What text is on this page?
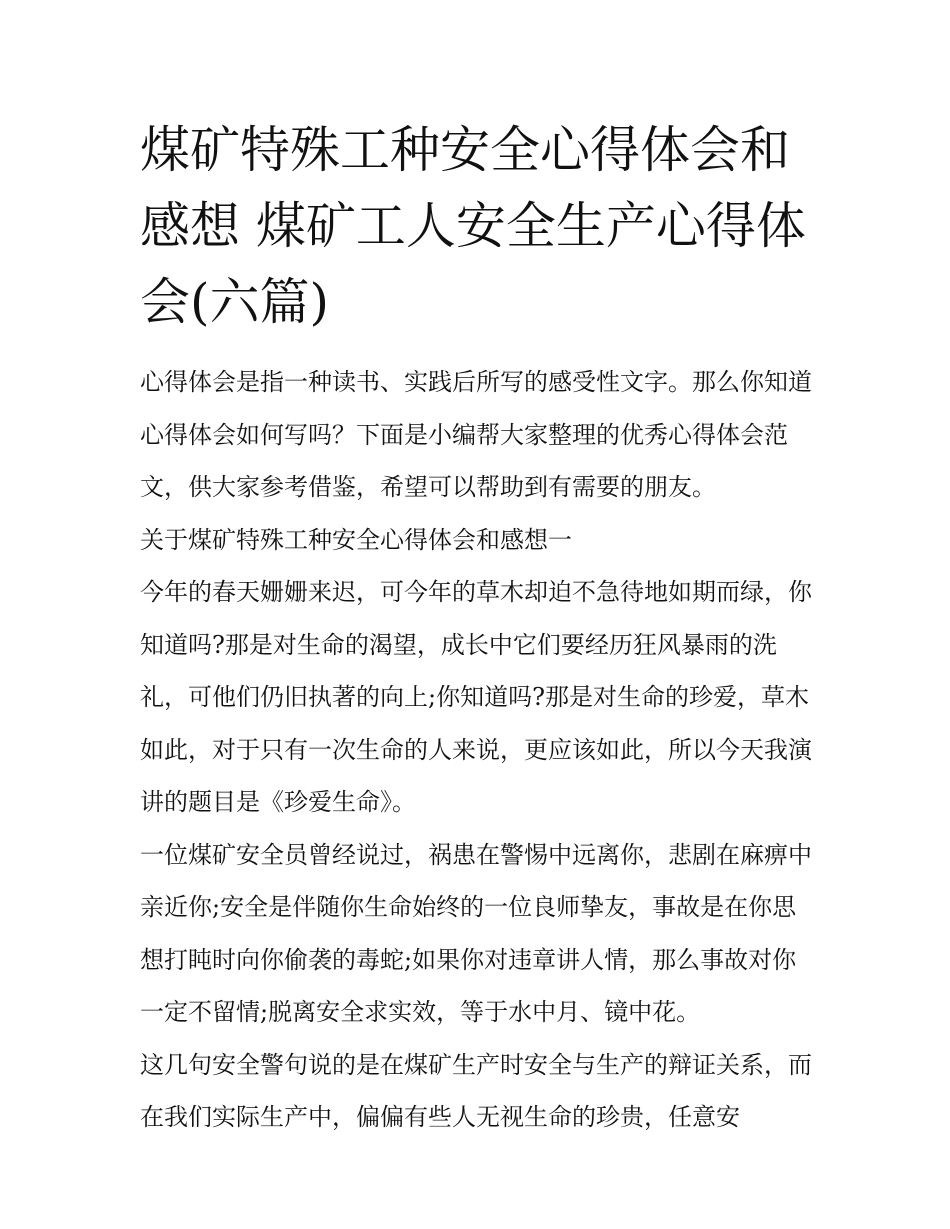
煤矿特殊工种安全心得体会和感想 煤矿工人安全生产心得体会(六篇)

心得体会是指一种读书、实践后所写的感受性文字。那么你知道心得体会如何写吗？下面是小编帮大家整理的优秀心得体会范文，供大家参考借鉴，希望可以帮助到有需要的朋友。

关于煤矿特殊工种安全心得体会和感想一

今年的春天姗姗来迟，可今年的草木却迫不急待地如期而绿，你知道吗?那是对生命的渴望，成长中它们要经历狂风暴雨的洗礼，可他们仍旧执著的向上;你知道吗?那是对生命的珍爱，草木如此，对于只有一次生命的人来说，更应该如此，所以今天我演讲的题目是《珍爱生命》。

一位煤矿安全员曾经说过，祸患在警惕中远离你，悲剧在麻痹中亲近你;安全是伴随你生命始终的一位良师挚友，事故是在你思想打盹时向你偷袭的毒蛇;如果你对违章讲人情，那么事故对你一定不留情;脱离安全求实效，等于水中月、镜中花。

这几句安全警句说的是在煤矿生产时安全与生产的辩证关系，而在我们实际生产中，偏偏有些人无视生命的珍贵，任意安
